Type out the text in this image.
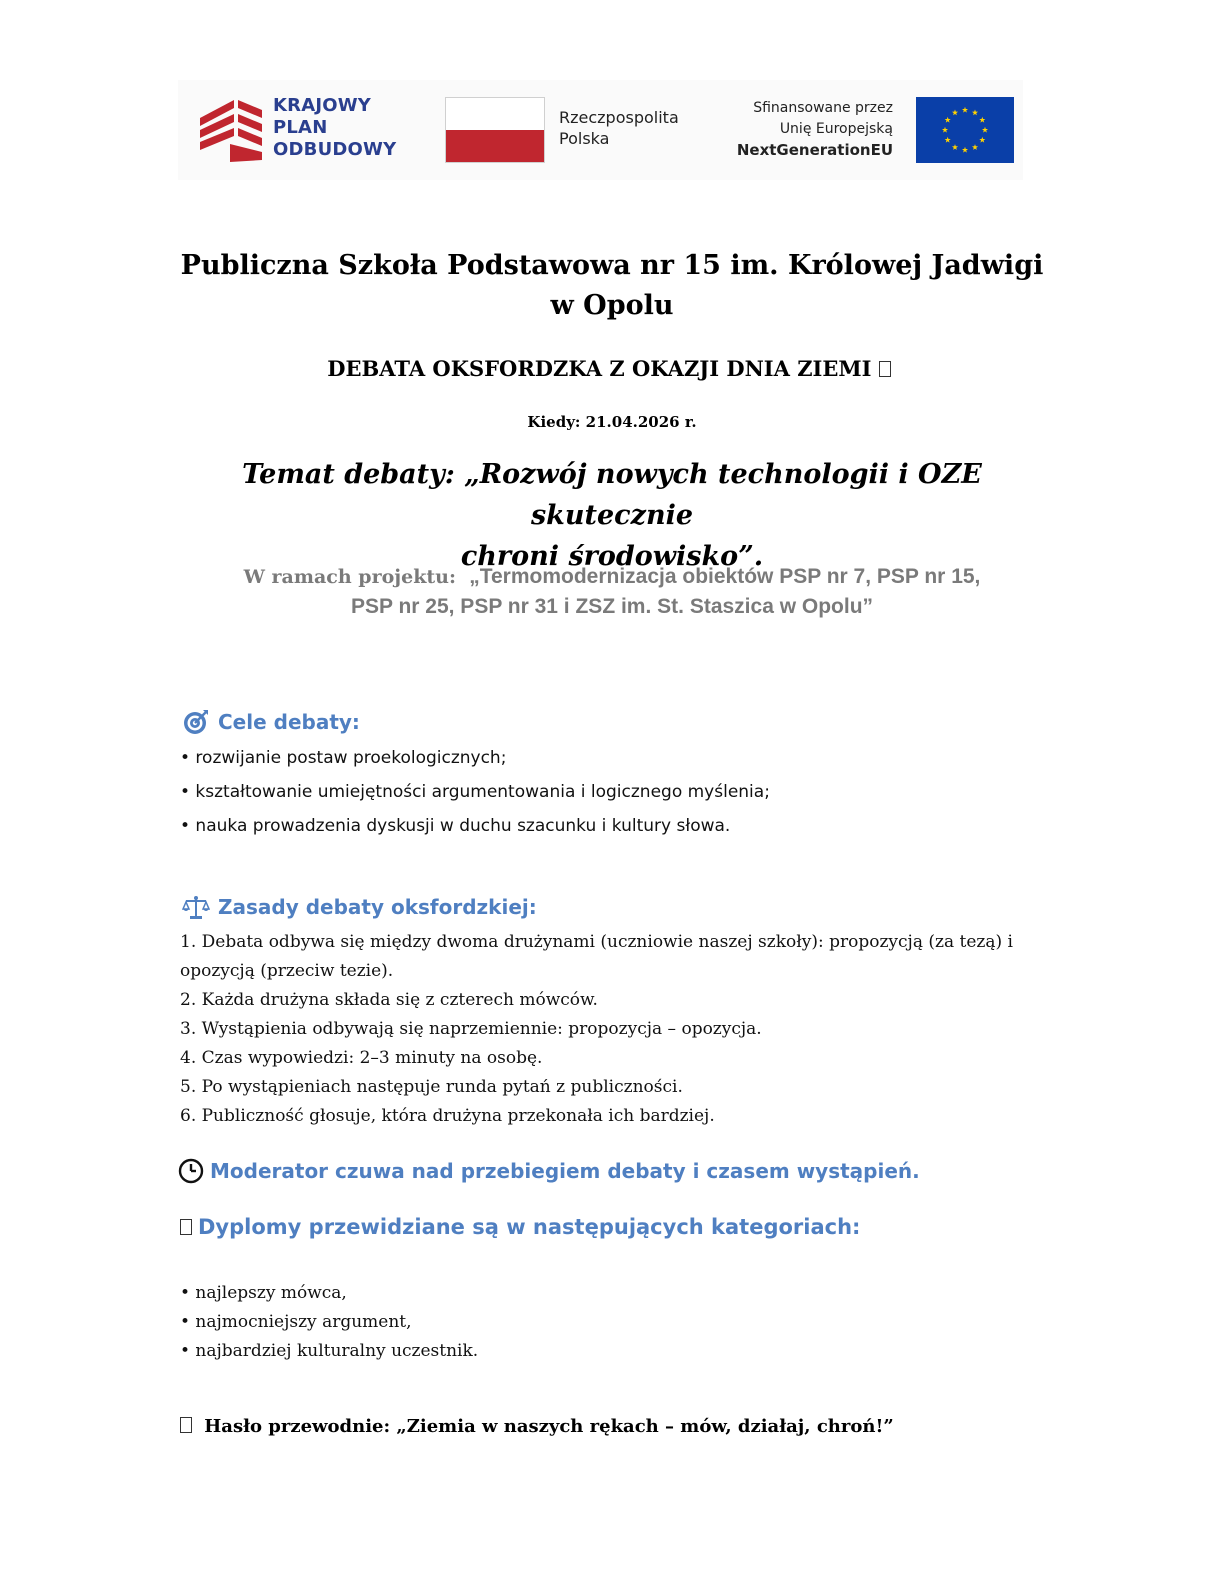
KRAJOWY
PLAN
ODBUDOWY
Rzeczpospolita
Polska
Sfinansowane przez
Unię Europejską
NextGenerationEU
Publiczna Szkoła Podstawowa nr 15 im. Królowej Jadwigi
w Opolu
DEBATA OKSFORDZKA Z OKAZJI DNIA ZIEMI
Kiedy: 21.04.2026 r.
Temat debaty: „Rozwój nowych technologii i OZE skutecznie
chroni środowisko”.
W ramach projektu: „Termomodernizacja obiektów PSP nr 7, PSP nr 15,
PSP nr 25, PSP nr 31 i ZSZ im. St. Staszica w Opolu”
Cele debaty:
• rozwijanie postaw proekologicznych;
• kształtowanie umiejętności argumentowania i logicznego myślenia;
• nauka prowadzenia dyskusji w duchu szacunku i kultury słowa.
Zasady debaty oksfordzkiej:
1. Debata odbywa się między dwoma drużynami (uczniowie naszej szkoły): propozycją (za tezą) i opozycją (przeciw tezie).
2. Każda drużyna składa się z czterech mówców.
3. Wystąpienia odbywają się naprzemiennie: propozycja – opozycja.
4. Czas wypowiedzi: 2–3 minuty na osobę.
5. Po wystąpieniach następuje runda pytań z publiczności.
6. Publiczność głosuje, która drużyna przekonała ich bardziej.
Moderator czuwa nad przebiegiem debaty i czasem wystąpień.
Dyplomy przewidziane są w następujących kategoriach:
• najlepszy mówca,
• najmocniejszy argument,
• najbardziej kulturalny uczestnik.
Hasło przewodnie: „Ziemia w naszych rękach – mów, działaj, chroń!”
